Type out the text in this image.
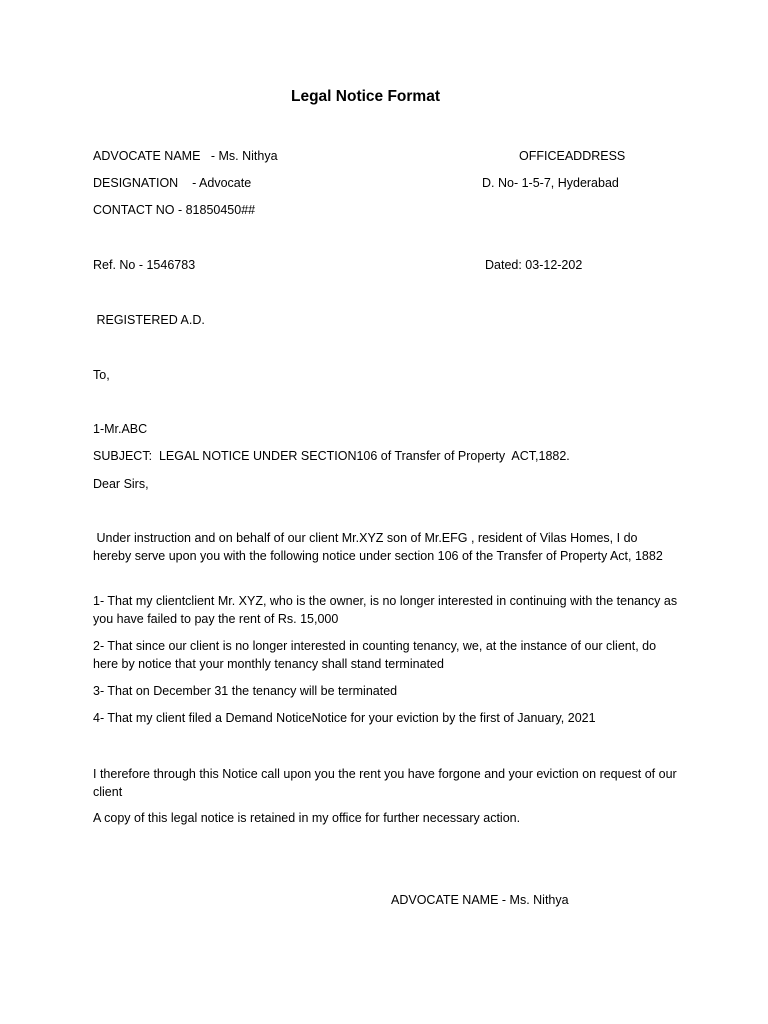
Legal Notice Format
ADVOCATE NAME   - Ms. Nithya	OFFICEADDRESS
DESIGNATION    - Advocate	D. No- 1-5-7, Hyderabad
CONTACT NO - 81850450##
Ref. No - 1546783	Dated: 03-12-202
REGISTERED A.D.
To,
1-Mr.ABC
SUBJECT:  LEGAL NOTICE UNDER SECTION106 of Transfer of Property  ACT,1882.
Dear Sirs,
Under instruction and on behalf of our client Mr.XYZ son of Mr.EFG , resident of Vilas Homes, I do hereby serve upon you with the following notice under section 106 of the Transfer of Property Act, 1882
1- That my clientclient Mr. XYZ, who is the owner, is no longer interested in continuing with the tenancy as you have failed to pay the rent of Rs. 15,000
2- That since our client is no longer interested in counting tenancy, we, at the instance of our client, do here by notice that your monthly tenancy shall stand terminated
3- That on December 31 the tenancy will be terminated
4- That my client filed a Demand NoticeNotice for your eviction by the first of January, 2021
I therefore through this Notice call upon you the rent you have forgone and your eviction on request of our client
A copy of this legal notice is retained in my office for further necessary action.
ADVOCATE NAME - Ms. Nithya
